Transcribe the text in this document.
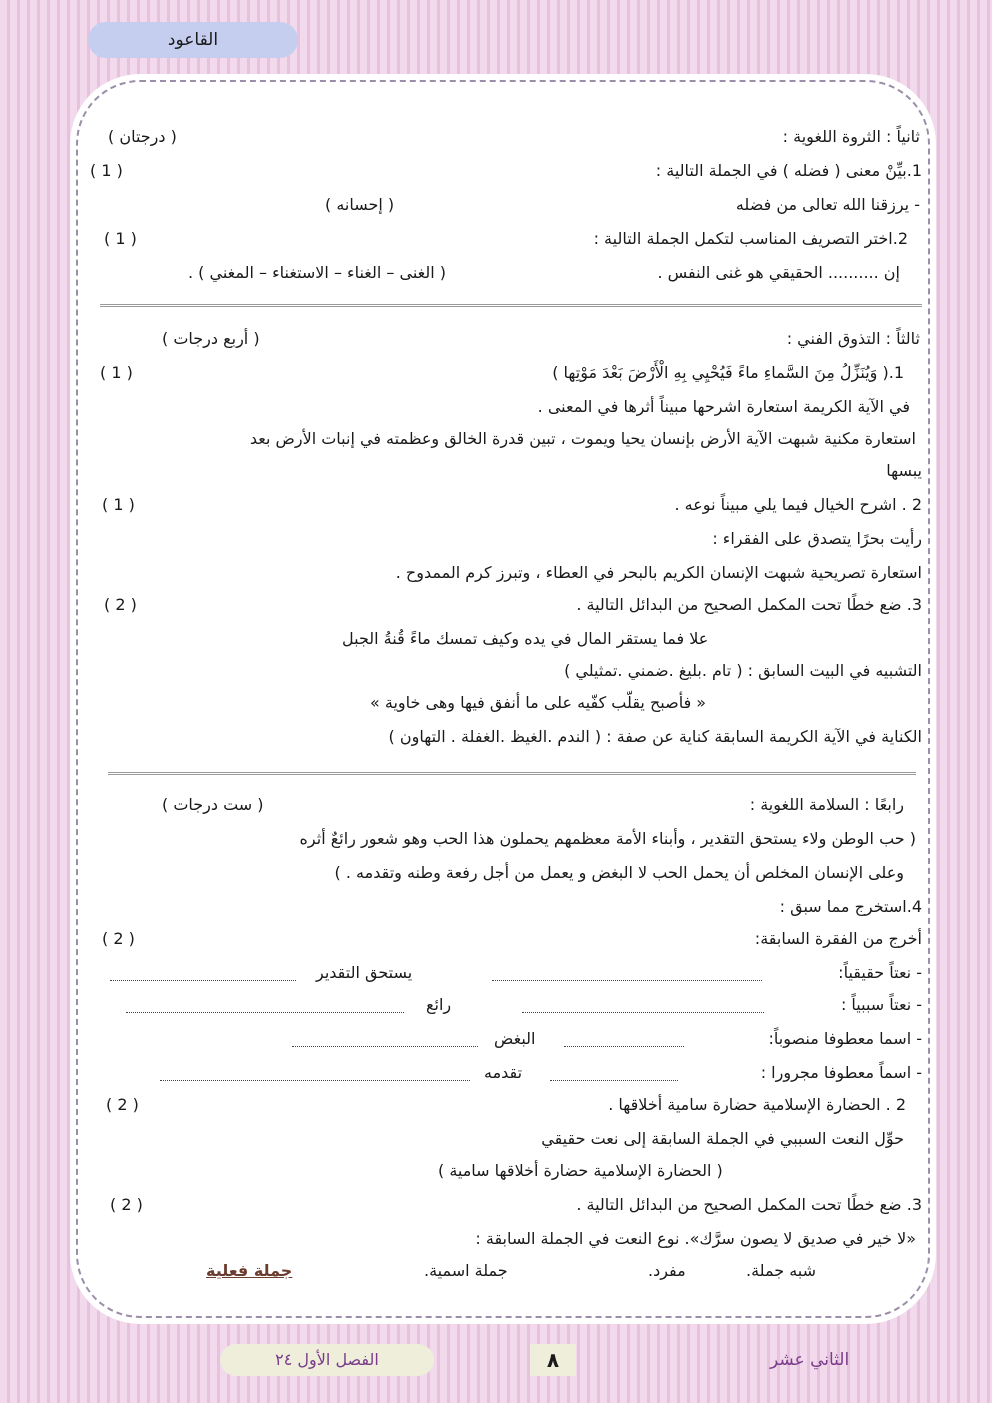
القاعود
ثانياً : الثروة اللغوية :
( درجتان )
1.بيِّنْ معنى ( فضله ) في الجملة التالية :
( 1 )
- يرزقنا الله تعالى من فضله
( إحسانه )
2.اختر التصريف المناسب لتكمل الجملة التالية :
( 1 )
إن .......... الحقيقي هو غنى النفس .
( الغنى – الغناء – الاستغناء – المغني ) .
ثالثاً : التذوق الفني :
( أربع درجات )
1.( وَيُنَزِّلُ مِنَ السَّماءِ ماءً فَيُحْيِي بِهِ الْأَرْضَ بَعْدَ مَوْتِها )
( 1 )
في الآية الكريمة استعارة اشرحها مبيناً أثرها في المعنى .
استعارة مكنية شبهت الآية الأرض بإنسان يحيا ويموت ، تبين قدرة الخالق وعظمته في إنبات الأرض بعد
يبسها
2 . اشرح الخيال فيما يلي مبيناً نوعه .
( 1 )
رأيت بحرًا يتصدق على الفقراء :
استعارة تصريحية شبهت الإنسان الكريم بالبحر في العطاء ، وتبرز كرم الممدوح .
3. ضع خطًا تحت المكمل الصحيح من البدائل التالية .
( 2 )
علا فما يستقر المال في يده وكيف تمسك ماءً قُنةُ الجبل
التشبيه في البيت السابق : ( تام .بليغ .ضمني .تمثيلي )
« فأصبح يقلّب كفّيه على ما أنفق فيها وهى خاوية »
الكناية في الآية الكريمة السابقة كناية عن صفة : ( الندم .الغيظ .الغفلة . التهاون )
رابعًا : السلامة اللغوية :
( ست درجات )
( حب الوطن ولاء يستحق التقدير ، وأبناء الأمة معظمهم يحملون هذا الحب وهو شعور رائعٌ أثره
وعلى الإنسان المخلص أن يحمل الحب لا البغض و يعمل من أجل رفعة وطنه وتقدمه . )
4.استخرج مما سبق :
أخرج من الفقرة السابقة:
( 2 )
- نعتاً حقيقياً:
يستحق التقدير
- نعتاً سببياً :
رائع
- اسما معطوفا منصوباً:
البغض
- اسماً معطوفا مجرورا :
تقدمه
2 . الحضارة الإسلامية حضارة سامية أخلاقها .
( 2 )
حوِّل النعت السببي في الجملة السابقة إلى نعت حقيقي
( الحضارة الإسلامية حضارة أخلاقها سامية )
3. ضع خطًا تحت المكمل الصحيح من البدائل التالية .
( 2 )
«لا خير في صديق لا يصون سرَّك». نوع النعت في الجملة السابقة :
شبه جملة.
مفرد.
جملة اسمية.
جملة فعلية
الفصل الأول ٢٤	٨	الثاني عشر
